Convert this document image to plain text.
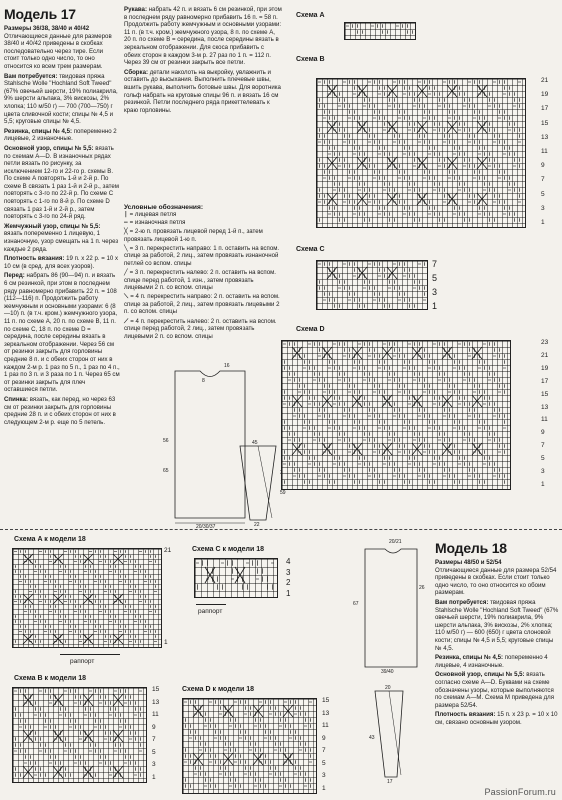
Модель 17
Размеры 36/38, 38/40 и 40/42
Отличающиеся данные для размеров 38/40 и 40/42 приведены в скобках последовательно через тире. Если стоит только одно число, то оно относится ко всем трем размерам.
Вам потребуется: твидовая пряжа Stahlsche Wolle "Hochland Soft Tweed" (67% овечьей шерсти, 19% полиакрила, 9% шерсти альпака, 3% вискозы, 2% хлопка; 110 м/50 г) — 700 (700—750) г цвета сливочной кости; спицы № 4,5 и 5,5; круговые спицы № 4,5.
Резинка, спицы № 4,5: попеременно 2 лицевые, 2 изнаночные.
Основной узор, спицы № 5,5: вязать по схемам A—D. В изнаночных рядах петли вязать по рисунку, за исключением 12-го и 22-го р. схемы B. По схеме A повторять 1-й и 2-й р. По схеме B связать 1 раз 1-й и 2-й р., затем повторять с 3-го по 22-й р. По схеме C повторять с 1-го по 8-й р. По схеме D связать 1 раз 1-й и 2-й р., затем повторять с 3-го по 24-й ряд.
Жемчужный узор, спицы № 5,5: вязать попеременно 1 лицевую, 1 изнаночную, узор смещать на 1 п. через каждые 2 ряда.
Плотность вязания: 19 п. x 22 р. = 10 x 10 см (в сред. для всех узоров).
Перед: набрать 86 (90—94) п. и вязать 6 см резинкой, при этом в последнем ряду равномерно прибавить 22 п. = 108 (112—116) п. Продолжить работу жемчужным и основными узорами: 6 (8—10) п. (в т.ч. кром.) жемчужного узора, 11 п. по схеме A, 20 п. по схеме B, 11 п. по схеме C, 18 п. по схеме D = середина, после середины вязать в зеркальном отображении. Через 56 см от резинки закрыть для горловины средние 8 п. и с обеих сторон от них в каждом 2-м р. 1 раз по 5 п., 1 раз по 4 п., 1 раз по 3 п. и 3 раза по 1 п. Через 65 см от резинки закрыть для плеч оставшиеся петли.
Спинка: вязать, как перед, но через 63 см от резинки закрыть для горловины средние 28 п. и с обеих сторон от них в следующем 2-м р. еще по 5 петель.
Рукава: набрать 42 п. и вязать 6 см резинкой, при этом в последнем ряду равномерно прибавить 16 п. = 58 п. Продолжить работу жемчужным и основными узорами: 11 п. (в т.ч. кром.) жемчужного узора, 8 п. по схеме A, 20 п. по схеме B = середина, после середины вязать в зеркальном отображении. Для скоса прибавить с обеих сторон в каждом 3-м р. 27 раз по 1 п. = 112 п. Через 39 см от резинки закрыть все петли.
Сборка: детали наколоть на выкройку, увлажнить и оставить до высыхания. Выполнить плечевые швы, вшить рукава, выполнить ботовые швы. Для воротника гольф набрать на круговые спицы 96 п. и вязать 16 см резинкой. Петли последнего ряда прикеттелевать к краю горловины.
Условные обозначения:
| = лицевая петля
— = изнаночная петля
╳ = 2-ю п. провязать лицевой перед 1-й п., затем провязать лицевой 1-ю п.
╲ = 3 п. перекрестить направо: 1 п. оставить на вспом. спице за работой, 2 лиц., затем провязать изнаночной петлей со вспом. спицы
╱ = 3 п. перекрестить налево: 2 п. оставить на вспом. спице перед работой, 1 изн., затем провязать лицевыми 2 п. со вспом. спицы
⟍ = 4 п. перекрестить направо: 2 п. оставить на вспом. спице за работой, 2 лиц., затем провязать лицевыми 2 п. со вспом. спицы
⟋ = 4 п. перекрестить налево: 2 п. оставить на вспом. спице перед работой, 2 лиц., затем провязать лицевыми 2 п. со вспом. спицы
16
8
56
65
20/30/37
59
45
22
Схема A
Схема B
21
19
17
15
13
11
9
7
5
3
1
Схема C
7
5
3
1
Схема D
23
21
19
17
15
13
11
9
7
5
3
1
Схема A к модели 18
21
1
раппорт
Схема C к модели 18
4
3
2
1
раппорт
Схема B к модели 18
15
13
11
9
7
5
3
1
Схема D к модели 18
15
13
11
9
7
5
3
1
20/21
67
26
39/40
20
43
17
Модель 18
Размеры 48/50 и 52/54
Отличающиеся данные для размера 52/54 приведены в скобках. Если стоит только одно число, то оно относится ко обоим размерам.
Вам потребуется: твидовая пряжа Stahlsche Wolle "Hochland Soft Tweed" (67% овечьей шерсти, 19% полиакрила, 9% шерсти альпака, 3% вискозы, 2% хлопка; 110 м/50 г) — 600 (650) г цвета слоновой кости; спицы № 4,5 и 5,5; круговые спицы № 4,5.
Резинка, спицы № 4,5: попеременно 4 лицевые, 4 изнаночные.
Основной узор, спицы № 5,5: вязать согласно схеме A—D. Буквами на схеме обозначены узоры, которые выполняются по схемам A—M. Схема M приведена для размера 52/54.
Плотность вязания: 15 п. x 23 р. = 10 x 10 см, связано основным узором.
PassionForum.ru
